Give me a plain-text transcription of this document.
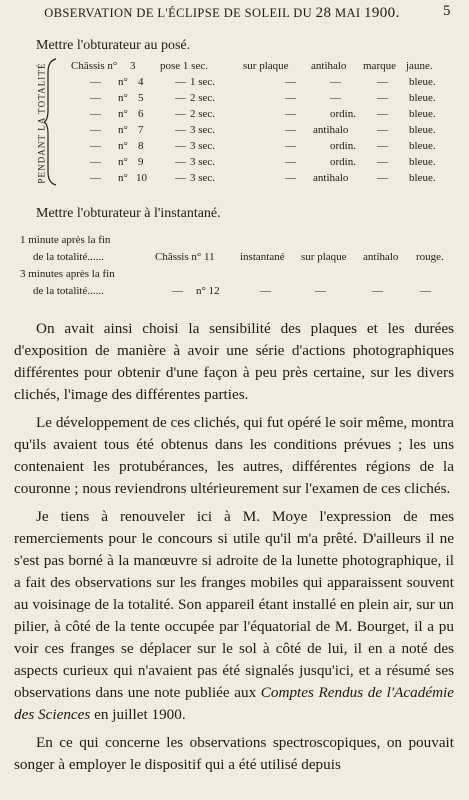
OBSERVATION DE L'ÉCLIPSE DE SOLEIL DU 28 MAI 1900.	5
Mettre l'obturateur au posé.
PENDANT LA TOTALITÉ Châssis n° 3 pose 1 sec.	sur plaque antihalo marque jaune.
— n° 4	— 1 sec.	—	—	— bleue.
— n° 5	— 2 sec.	—	—	— bleue.
— n° 6	— 2 sec.	—	ordin. — bleue.
— n° 7	— 3 sec.	— antihalo	— bleue.
— n° 8	— 3 sec.	—	ordin. — bleue.
— n° 9	— 3 sec.	—	ordin. — bleue.
— n° 10	— 3 sec.	— antihalo	— bleue.
Mettre l'obturateur à l'instantané.
1 minute après la fin
de la totalité......	Châssis n° 11 instantané sur plaque antihalo rouge.
3 minutes après la fin
de la totalité......	— n° 12	—	—	—	—

On avait ainsi choisi la sensibilité des plaques et les durées d'exposition de manière à avoir une série d'actions photographiques différentes pour obtenir d'une façon à peu près certaine, sur les divers clichés, l'image des différentes parties.

Le développement de ces clichés, qui fut opéré le soir même, montra qu'ils avaient tous été obtenus dans les conditions prévues ; les uns contenaient les protubérances, les autres, différentes régions de la couronne ; nous reviendrons ultérieurement sur l'examen de ces clichés.

Je tiens à renouveler ici à M. Moye l'expression de mes remerciements pour le concours si utile qu'il m'a prêté. D'ailleurs il ne s'est pas borné à la manœuvre si adroite de la lunette photographique, il a fait des observations sur les franges mobiles qui apparaissent souvent au voisinage de la totalité. Son appareil étant installé en plein air, sur un pilier, à côté de la tente occupée par l'équatorial de M. Bourget, il a pu voir ces franges se déplacer sur le sol à côté de lui, il en a noté des aspects curieux qui n'avaient pas été signalés jusqu'ici, et a résumé ses observations dans une note publiée aux Comptes Rendus de l'Académie des Sciences en juillet 1900.

En ce qui concerne les observations spectroscopiques, on pouvait songer à employer le dispositif qui a été utilisé depuis
